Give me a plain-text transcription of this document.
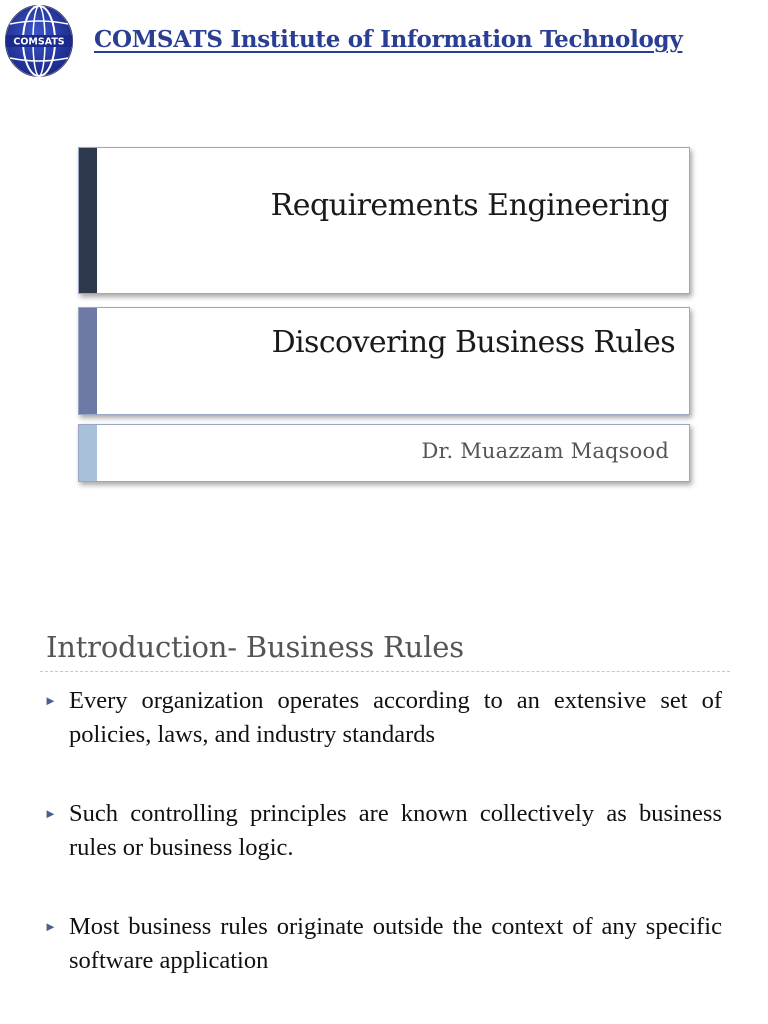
COMSATS COMSATS Institute of Information Technology
Requirements Engineering
Discovering Business Rules
Dr. Muazzam Maqsood
Introduction- Business Rules
► Every organization operates according to an extensive set of policies, laws, and industry standards
► Such controlling principles are known collectively as business rules or business logic.
► Most business rules originate outside the context of any specific software application
